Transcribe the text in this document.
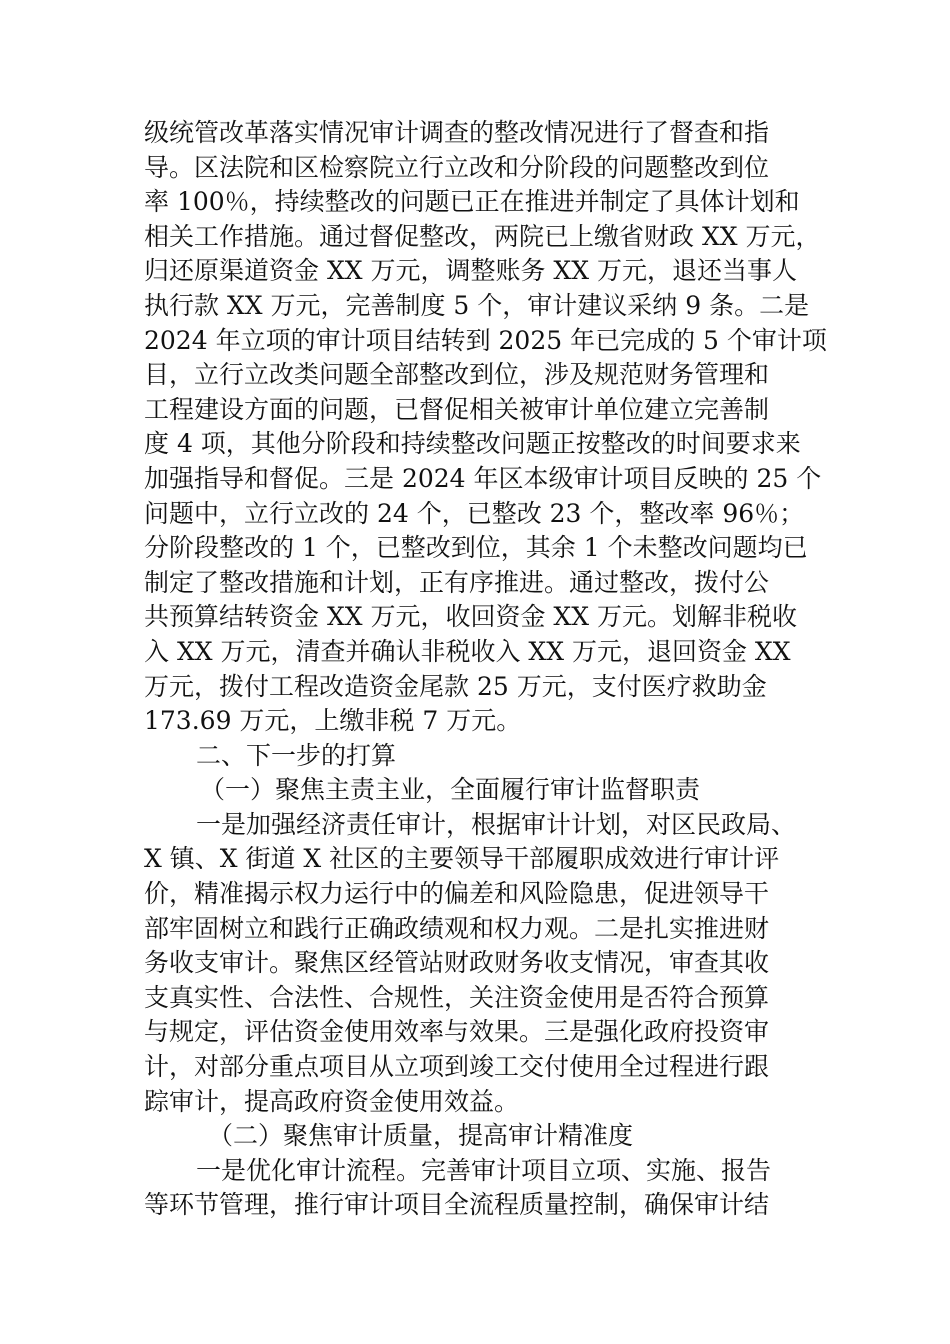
级统管改革落实情况审计调查的整改情况进行了督查和指
导。区法院和区检察院立行立改和分阶段的问题整改到位
率 100％，持续整改的问题已正在推进并制定了具体计划和
相关工作措施。通过督促整改，两院已上缴省财政 XX 万元，
归还原渠道资金 XX 万元，调整账务 XX 万元，退还当事人
执行款 XX 万元，完善制度 5 个，审计建议采纳 9 条。二是
2024 年立项的审计项目结转到 2025 年已完成的 5 个审计项
目，立行立改类问题全部整改到位，涉及规范财务管理和
工程建设方面的问题，已督促相关被审计单位建立完善制
度 4 项，其他分阶段和持续整改问题正按整改的时间要求来
加强指导和督促。三是 2024 年区本级审计项目反映的 25 个
问题中，立行立改的 24 个，已整改 23 个，整改率 96％；
分阶段整改的 1 个，已整改到位，其余 1 个未整改问题均已
制定了整改措施和计划，正有序推进。通过整改，拨付公
共预算结转资金 XX 万元，收回资金 XX 万元。划解非税收
入 XX 万元，清查并确认非税收入 XX 万元，退回资金 XX
万元，拨付工程改造资金尾款 25 万元，支付医疗救助金
173.69 万元，上缴非税 7 万元。
二、下一步的打算
（一）聚焦主责主业，全面履行审计监督职责
一是加强经济责任审计，根据审计计划，对区民政局、
X 镇、X 街道 X 社区的主要领导干部履职成效进行审计评
价，精准揭示权力运行中的偏差和风险隐患，促进领导干
部牢固树立和践行正确政绩观和权力观。二是扎实推进财
务收支审计。聚焦区经管站财政财务收支情况，审查其收
支真实性、合法性、合规性，关注资金使用是否符合预算
与规定，评估资金使用效率与效果。三是强化政府投资审
计，对部分重点项目从立项到竣工交付使用全过程进行跟
踪审计，提高政府资金使用效益。
（二）聚焦审计质量，提高审计精准度
一是优化审计流程。完善审计项目立项、实施、报告
等环节管理，推行审计项目全流程质量控制，确保审计结
